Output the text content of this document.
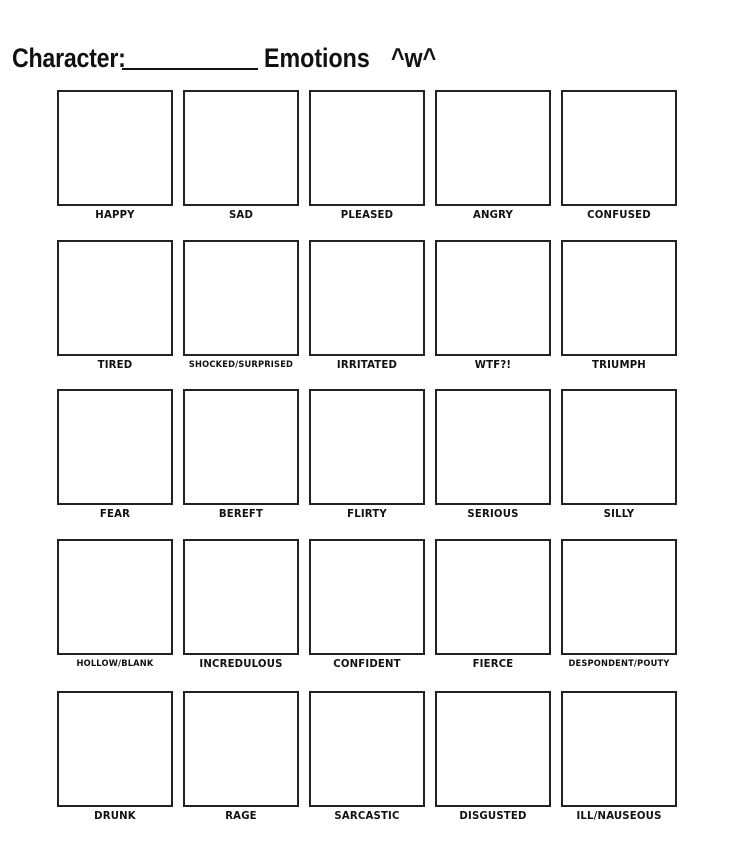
Character:	Emotions ^w^
HAPPY	SAD	PLEASED	ANGRY	CONFUSED
TIRED	SHOCKED/SURPRISED	IRRITATED	WTF?!	TRIUMPH
FEAR	BEREFT	FLIRTY	SERIOUS	SILLY
HOLLOW/BLANK	INCREDULOUS	CONFIDENT	FIERCE	DESPONDENT/POUTY
DRUNK	RAGE	SARCASTIC	DISGUSTED	ILL/NAUSEOUS
